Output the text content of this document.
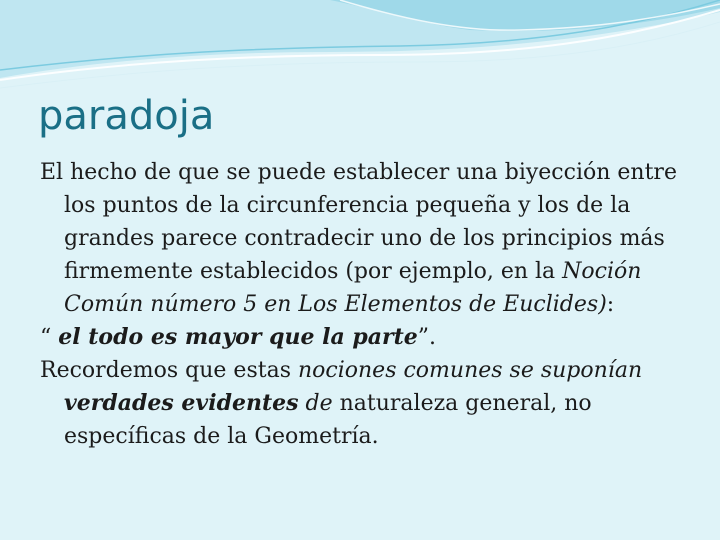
paradoja

El hecho de que se puede establecer una biyección entre los puntos de la circunferencia pequeña y los de la grandes parece contradecir uno de los principios más firmemente establecidos (por ejemplo, en la Noción Común número 5 en Los Elementos de Euclides):

“ el todo es mayor que la parte”.

Recordemos que estas nociones comunes se suponían verdades evidentes de naturaleza general, no específicas de la Geometría.
